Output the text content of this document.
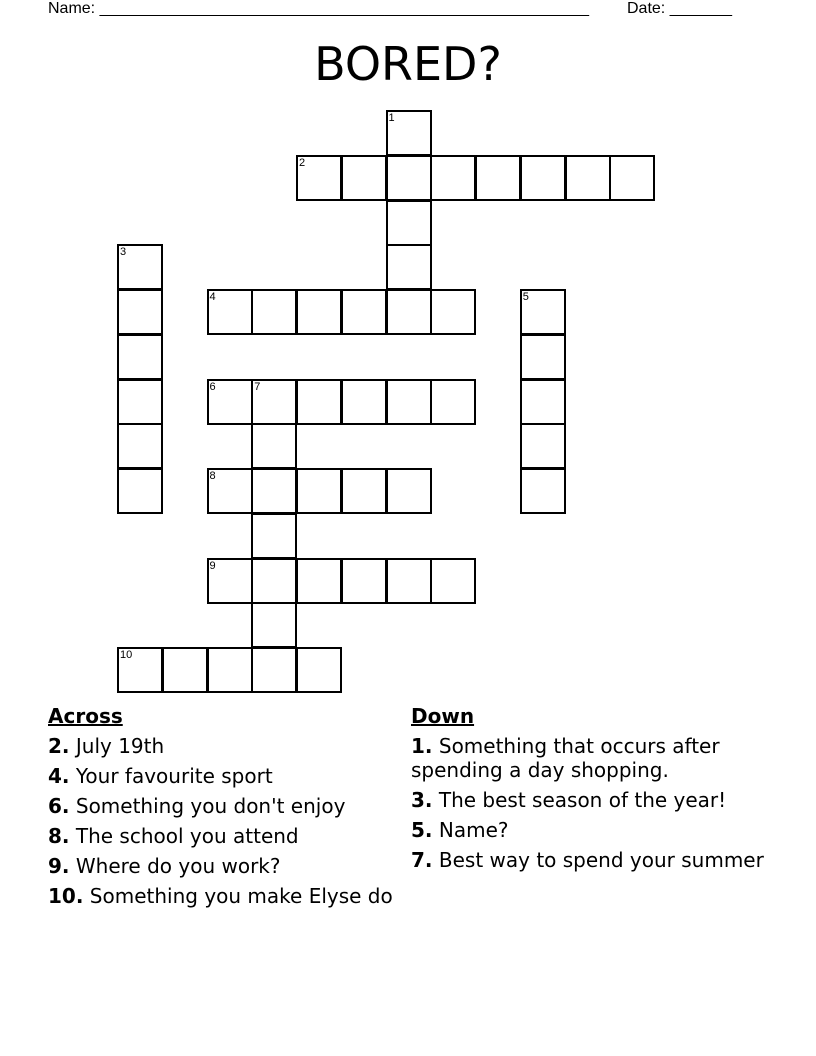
Name: _______________________________________________________ Date: _______
BORED?
1
2
3
4	5
6	7
8
9
10
Across
2. July 19th
4. Your favourite sport
6. Something you don't enjoy
8. The school you attend
9. Where do you work?
10. Something you make Elyse do
Down
1. Something that occurs after spending a day shopping.
3. The best season of the year!
5. Name?
7. Best way to spend your summer
